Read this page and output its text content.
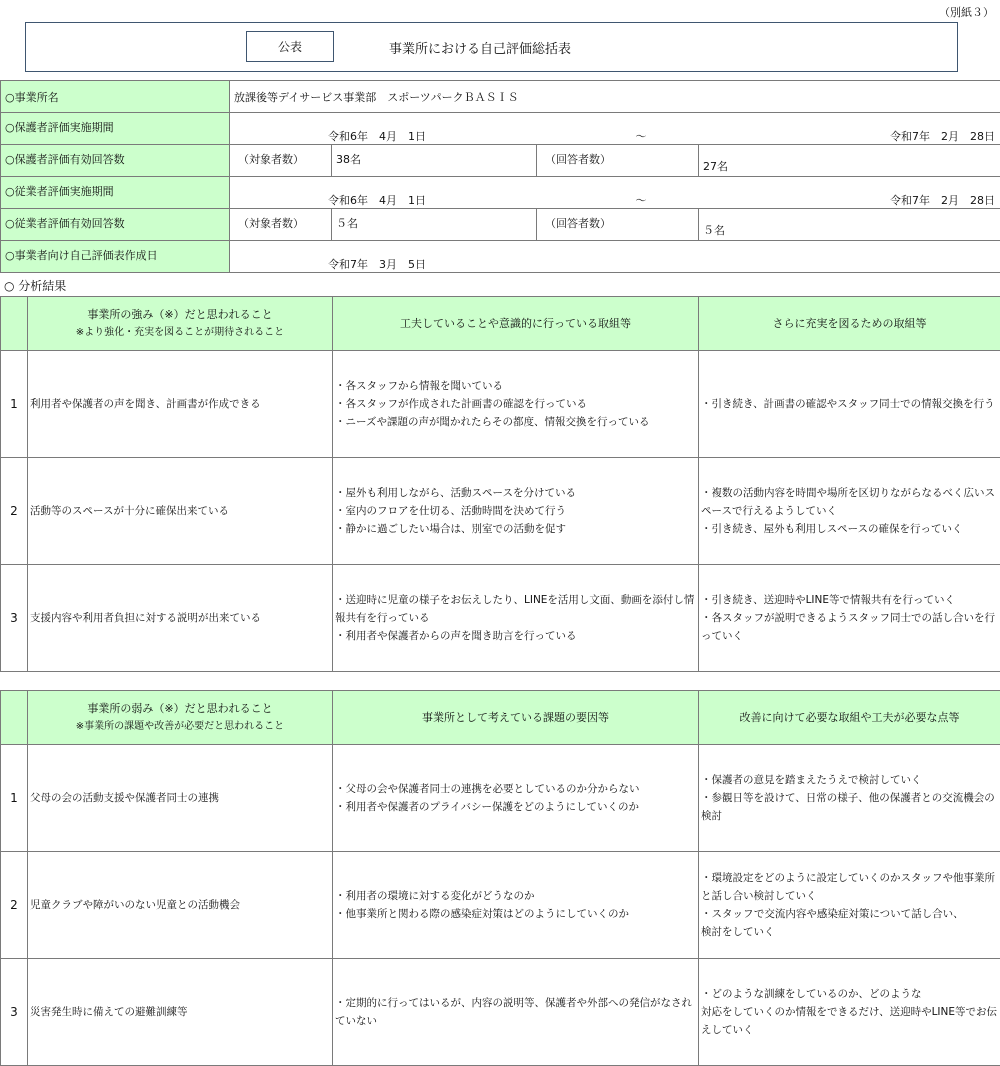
（別紙３）
公表	事業所における自己評価総括表
○事業所名	放課後等デイサービス事業部　スポーツパークＢＡＳＩＳ			
○保護者評価実施期間	令和6年　4月　1日 ～ 令和7年　2月　28日			

○保護者評価有効回答数	（対象者数）	38名	（回答者数）	27名
○従業者評価実施期間	令和6年　4月　1日 ～ 令和7年　2月　28日			

○従業者評価有効回答数	（対象者数）	５名	（回答者数）	５名
○事業者向け自己評価表作成日	令和7年　3月　5日			
○ 分析結果

	事業所の強み（※）だと思われること
※より強化・充実を図ることが期待されること	工夫していることや意識的に行っている取組等	さらに充実を図るための取組等
1	利用者や保護者の声を聞き、計画書が作成できる	・各スタッフから情報を聞いている
・各スタッフが作成された計画書の確認を行っている
・ニーズや課題の声が聞かれたらその都度、情報交換を行っている	・引き続き、計画書の確認やスタッフ同士での情報交換を行う

2	活動等のスペースが十分に確保出来ている	・屋外も利用しながら、活動スペースを分けている
・室内のフロアを仕切る、活動時間を決めて行う
・静かに過ごしたい場合は、別室での活動を促す	・複数の活動内容を時間や場所を区切りながらなるべく広いスペースで行えるようしていく
・引き続き、屋外も利用しスペースの確保を行っていく

3	支援内容や利用者負担に対する説明が出来ている	・送迎時に児童の様子をお伝えしたり、LINEを活用し文面、動画を添付し情報共有を行っている
・利用者や保護者からの声を聞き助言を行っている	・引き続き、送迎時やLINE等で情報共有を行っていく
・各スタッフが説明できるようスタッフ同士での話し合いを行っていく

	事業所の弱み（※）だと思われること
※事業所の課題や改善が必要だと思われること	事業所として考えている課題の要因等	改善に向けて必要な取組や工夫が必要な点等
1	父母の会の活動支援や保護者同士の連携	・父母の会や保護者同士の連携を必要としているのか分からない
・利用者や保護者のプライバシー保護をどのようにしていくのか	・保護者の意見を踏まえたうえで検討していく
・参観日等を設けて、日常の様子、他の保護者との交流機会の検討

2	児童クラブや障がいのない児童との活動機会	・利用者の環境に対する変化がどうなのか
・他事業所と関わる際の感染症対策はどのようにしていくのか	・環境設定をどのように設定していくのかスタッフや他事業所と話し合い検討していく
・スタッフで交流内容や感染症対策について話し合い、
検討をしていく

3	災害発生時に備えての避難訓練等	・定期的に行ってはいるが、内容の説明等、保護者や外部への発信がなされていない	・どのような訓練をしているのか、どのような
対応をしていくのか情報をできるだけ、送迎時やLINE等でお伝えしていく
